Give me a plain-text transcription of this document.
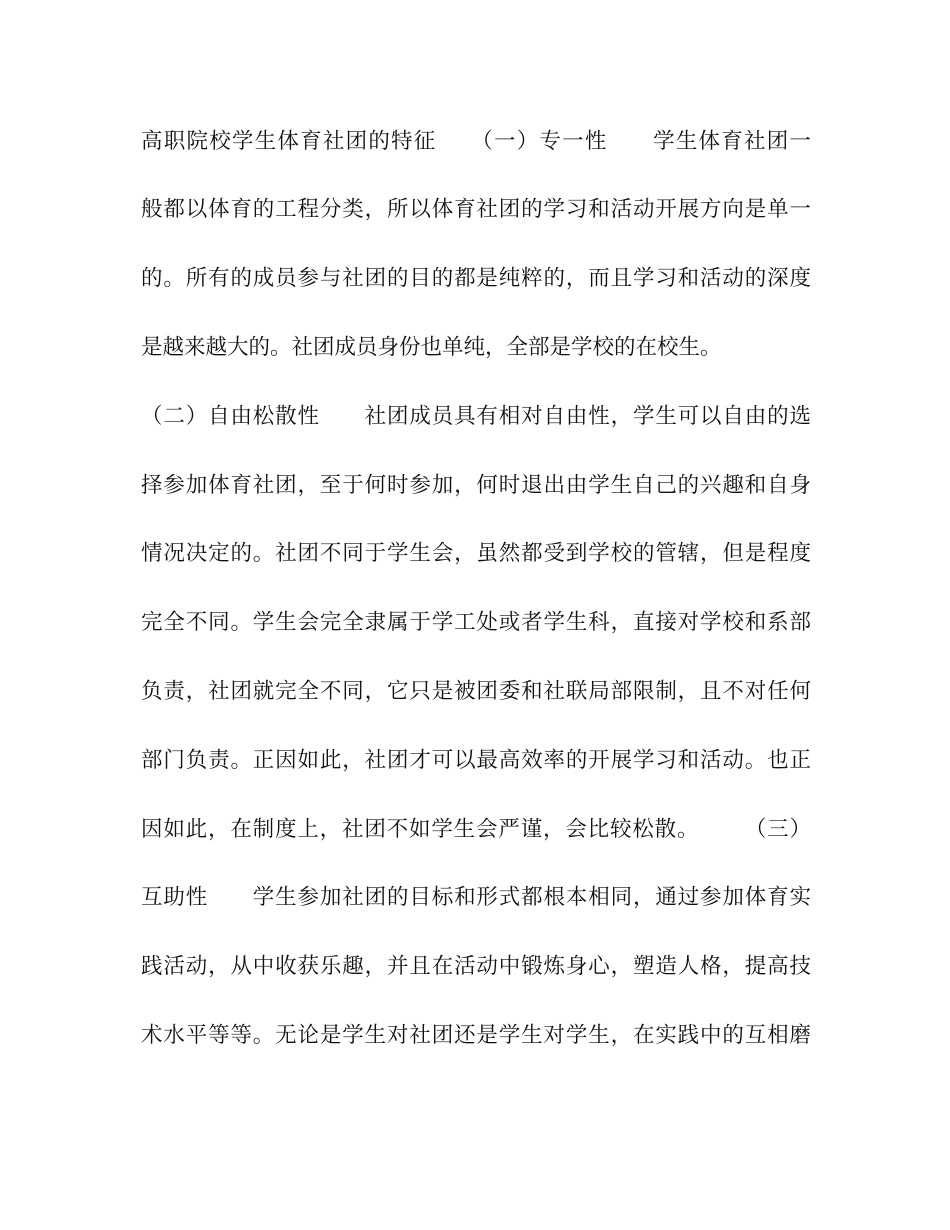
高职院校学生体育社团的特征　　（一）专一性　　学生体育社团一
般都以体育的工程分类，所以体育社团的学习和活动开展方向是单一
的。所有的成员参与社团的目的都是纯粹的，而且学习和活动的深度
是越来越大的。社团成员身份也单纯，全部是学校的在校生。
（二）自由松散性　　社团成员具有相对自由性，学生可以自由的选
择参加体育社团，至于何时参加，何时退出由学生自己的兴趣和自身
情况决定的。社团不同于学生会，虽然都受到学校的管辖，但是程度
完全不同。学生会完全隶属于学工处或者学生科，直接对学校和系部
负责，社团就完全不同，它只是被团委和社联局部限制，且不对任何
部门负责。正因如此，社团才可以最高效率的开展学习和活动。也正
因如此，在制度上，社团不如学生会严谨，会比较松散。　　　（三）
互助性　　学生参加社团的目标和形式都根本相同，通过参加体育实
践活动，从中收获乐趣，并且在活动中锻炼身心，塑造人格，提高技
术水平等等。无论是学生对社团还是学生对学生，在实践中的互相磨
